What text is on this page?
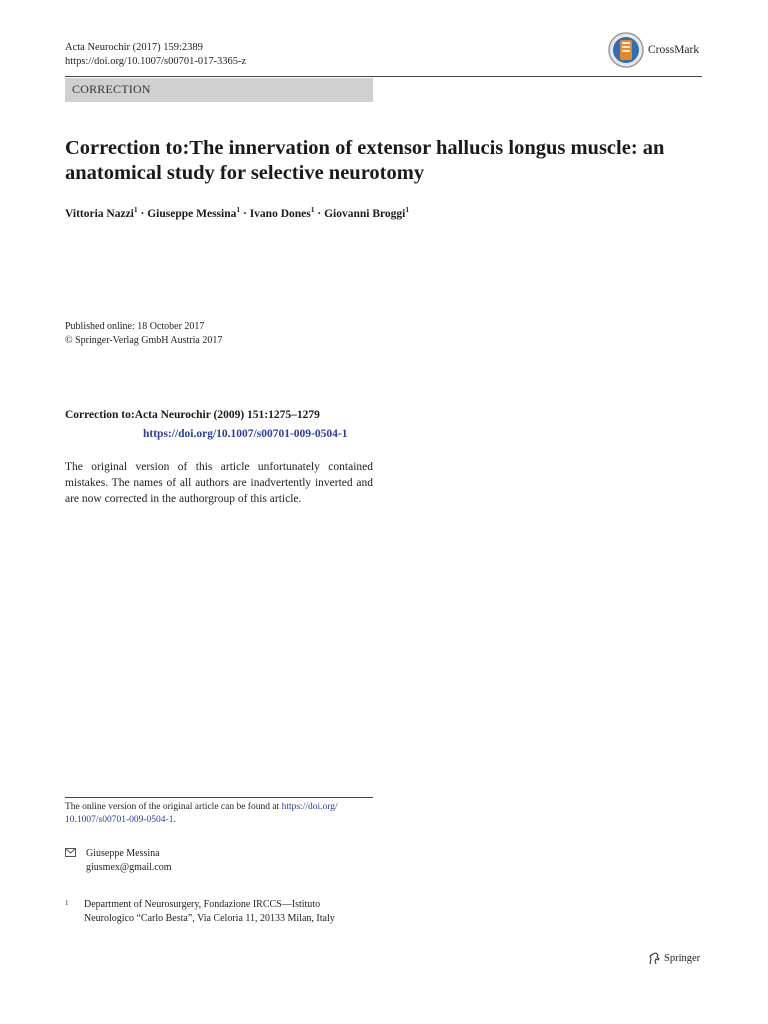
Acta Neurochir (2017) 159:2389
https://doi.org/10.1007/s00701-017-3365-z
CrossMark
CORRECTION
Correction to:The innervation of extensor hallucis longus muscle: an anatomical study for selective neurotomy
Vittoria Nazzi$^1$ · Giuseppe Messina$^1$ · Ivano Dones$^1$ · Giovanni Broggi$^1$
Published online: 18 October 2017
© Springer-Verlag GmbH Austria 2017
Correction to:Acta Neurochir (2009) 151:1275–1279
https://doi.org/10.1007/s00701-009-0504-1
The original version of this article unfortunately contained mistakes. The names of all authors are inadvertently inverted and are now corrected in the authorgroup of this article.
The online version of the original article can be found at https://doi.org/
10.1007/s00701-009-0504-1.
Giuseppe Messina
giusmex@gmail.com
1 Department of Neurosurgery, Fondazione IRCCS—Istituto
Neurologico “Carlo Besta”, Via Celoria 11, 20133 Milan, Italy
Springer
